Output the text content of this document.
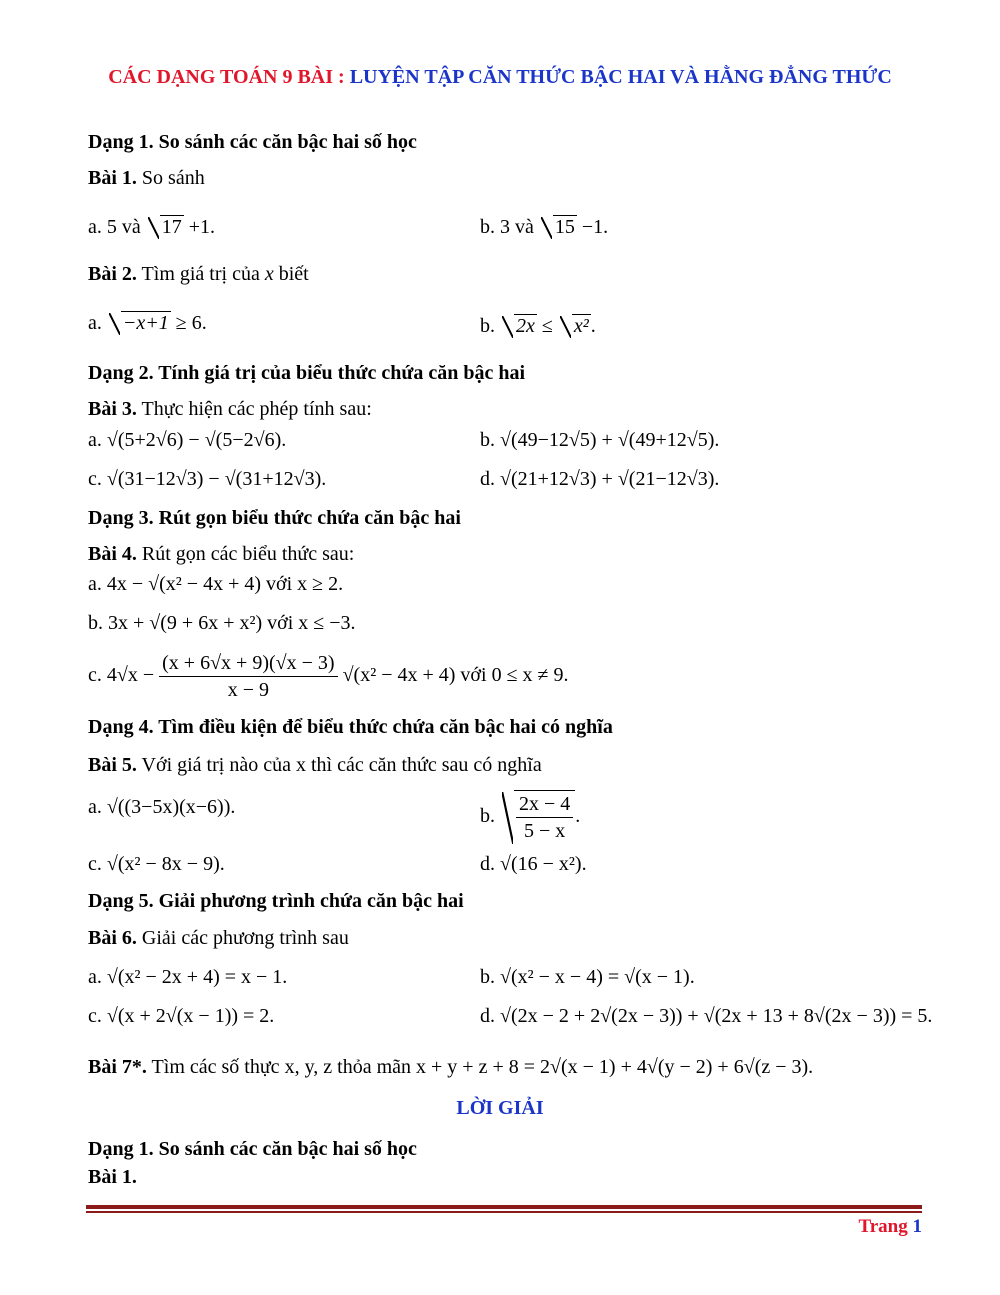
CÁC DẠNG TOÁN 9 BÀI : LUYỆN TẬP CĂN THỨC BẬC HAI VÀ HẰNG ĐẲNG THỨC
Dạng 1. So sánh các căn bậc hai số học
Bài 1. So sánh
a. 5 và 17 +1.	b. 3 và 15 −1.
Bài 2. Tìm giá trị của x biết
a. −x+1 ≥ 6.	b. 2x ≤ x² .
Dạng 2. Tính giá trị của biểu thức chứa căn bậc hai
Bài 3. Thực hiện các phép tính sau:
a. √(5+2√6) − √(5−2√6).	b. √(49−12√5) + √(49+12√5).
c. √(31−12√3) − √(31+12√3).	d. √(21+12√3) + √(21−12√3).
Dạng 3. Rút gọn biểu thức chứa căn bậc hai
Bài 4. Rút gọn các biểu thức sau:
a. 4x − √(x² − 4x + 4) với x ≥ 2.
b. 3x + √(9 + 6x + x²) với x ≤ −3.
c. $4√x - \frac{(x + 6√x + 9)(√x - 3)}{x - 9} √(x^2 - 4x + 4)$ với 0 ≤ x ≠ 9.
Dạng 4. Tìm điều kiện để biểu thức chứa căn bậc hai có nghĩa
Bài 5. Với giá trị nào của x thì các căn thức sau có nghĩa
a. √((3−5x)(x−6)).	b. $\frac{2x - 4}{5 - x}$ .
c. √(x² − 8x − 9).	d. √(16 − x²).
Dạng 5. Giải phương trình chứa căn bậc hai
Bài 6. Giải các phương trình sau
a. √(x² − 2x + 4) = x − 1.	b. √(x² − x − 4) = √(x − 1).
c. √(x + 2√(x − 1)) = 2.	d. √(2x − 2 + 2√(2x − 3)) + √(2x + 13 + 8√(2x − 3)) = 5.
Bài 7*. Tìm các số thực x, y, z thỏa mãn x + y + z + 8 = 2√(x − 1) + 4√(y − 2) + 6√(z − 3).
LỜI GIẢI
Dạng 1. So sánh các căn bậc hai số học
Bài 1.
Trang 1
